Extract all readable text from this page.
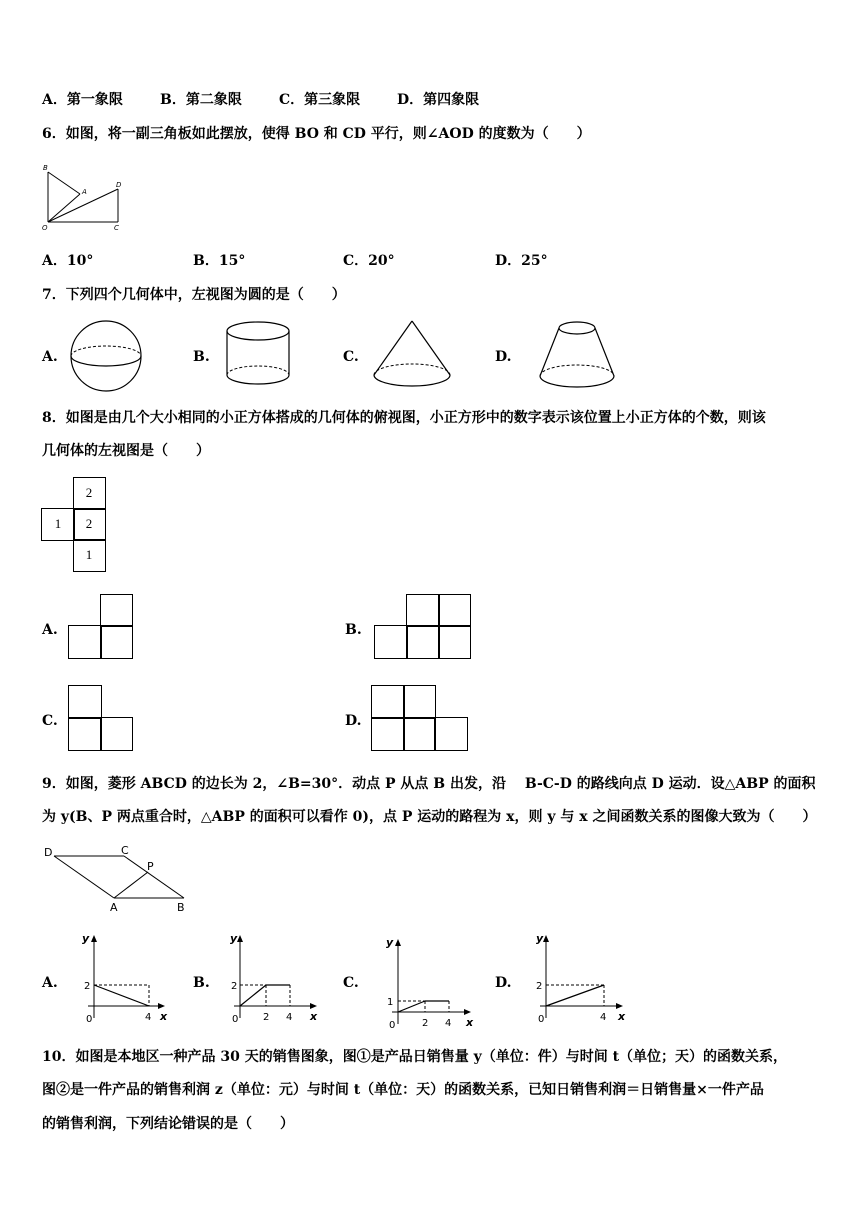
A．第一象限	B．第二象限	C．第三象限	D．第四象限
6．如图，将一副三角板如此摆放，使得 BO 和 CD 平行，则∠AOD 的度数为（　　）
B
A
D
O	C
A．10°	B．15°	C．20°	D．25°
7．下列四个几何体中，左视图为圆的是（　　）
A.	B.	C.	D.
8．如图是由几个大小相同的小正方体搭成的几何体的俯视图，小正方形中的数字表示该位置上小正方体的个数，则该
几何体的左视图是（　　）
2
1	2
1
A.	B.
C.	D.
9．如图，菱形 ABCD 的边长为 2，∠B=30°．动点 P 从点 B 出发，沿　 B-C-D 的路线向点 D 运动．设△ABP 的面积
为 y(B、P 两点重合时，△ABP 的面积可以看作 0)，点 P 运动的路程为 x，则 y 与 x 之间函数关系的图像大致为（　　）
D	C
P
A	B
A.
y
x
0
2
4
B.
y
x
0
2
2 4
C.
y
x
0
1
2 4
D.
y
x
0
2
4
10．如图是本地区一种产品 30 天的销售图象，图①是产品日销售量 y（单位：件）与时间 t（单位；天）的函数关系，
图②是一件产品的销售利润 z（单位：元）与时间 t（单位：天）的函数关系，已知日销售利润＝日销售量×一件产品
的销售利润，下列结论错误的是（　　）
